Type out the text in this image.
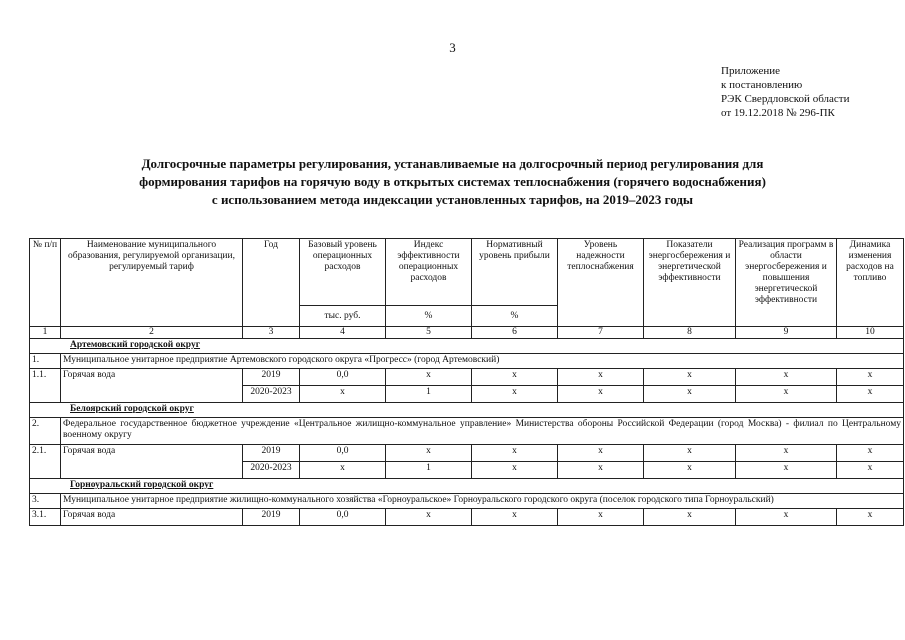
3
Приложение
к постановлению
РЭК Свердловской области
от 19.12.2018 № 296-ПК
Долгосрочные параметры регулирования, устанавливаемые на долгосрочный период регулирования для
формирования тарифов на горячую воду в открытых системах теплоснабжения (горячего водоснабжения)
с использованием метода индексации установленных тарифов, на 2019–2023 годы
№ п/п	Наименование муниципального образования, регулируемой организации, регулируемый тариф	Год	Базовый уровень операционных расходов	Индекс эффективности операционных расходов	Нормативный уровень прибыли	Уровень надежности теплоснабжения	Показатели энергосбережения и энергетической эффективности	Реализация программ в области энергосбережения и повышения энергетической эффективности	Динамика изменения расходов на топливо
			тыс. руб.	%	%				
1	2	3	4	5	6	7	8	9	10
Артемовский городской округ									
1.	Муниципальное унитарное предприятие Артемовского городского округа «Прогресс» (город Артемовский)								
1.1.	Горячая вода	2019	0,0	x	x	x	x	x	x
		2020-2023	x	1	x	x	x	x	x
Белоярский городской округ									
2.	Федеральное государственное бюджетное учреждение «Центральное жилищно-коммунальное управление» Министерства обороны Российской Федерации (город Москва) - филиал по Центральному военному округу								
2.1.	Горячая вода	2019	0,0	x	x	x	x	x	x
		2020-2023	x	1	x	x	x	x	x
Горноуральский городской округ									
3.	Муниципальное унитарное предприятие жилищно-коммунального хозяйства «Горноуральское» Горноуральского городского округа (поселок городского типа Горноуральский)								
3.1.	Горячая вода	2019	0,0	x	x	x	x	x	x
